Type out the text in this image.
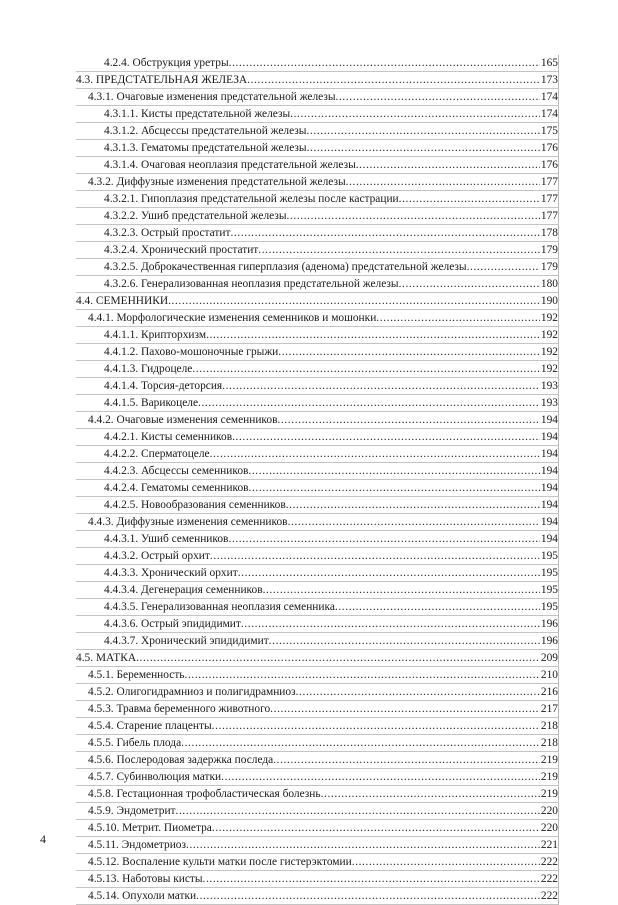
4.2.4. Обструкция уретры .....	165
4.3. ПРЕДСТАТЕЛЬНАЯ ЖЕЛЕЗА .....	173
4.3.1. Очаговые изменения предстательной железы .....	174
4.3.1.1. Кисты предстательной железы .....	174
4.3.1.2. Абсцессы предстательной железы .....	175
4.3.1.3. Гематомы предстательной железы .....	176
4.3.1.4. Очаговая неоплазия предстательной железы .....	176
4.3.2. Диффузные изменения предстательной железы .....	177
4.3.2.1. Гипоплазия предстательной железы после кастрации .....	177
4.3.2.2. Ушиб предстательной железы .....	177
4.3.2.3. Острый простатит .....	178
4.3.2.4. Хронический простатит .....	179
4.3.2.5. Доброкачественная гиперплазия (аденома) предстательной железы .....	179
4.3.2.6. Генерализованная неоплазия предстательной железы .....	180
4.4. СЕМЕННИКИ .....	190
4.4.1. Морфологические изменения семенников и мошонки .....	192
4.4.1.1. Крипторхизм .....	192
4.4.1.2. Пахово-мошоночные грыжи .....	192
4.4.1.3. Гидроцеле .....	192
4.4.1.4. Торсия-деторсия .....	193
4.4.1.5. Варикоцеле .....	193
4.4.2. Очаговые изменения семенников .....	194
4.4.2.1. Кисты семенников .....	194
4.4.2.2. Сперматоцеле .....	194
4.4.2.3. Абсцессы семенников .....	194
4.4.2.4. Гематомы семенников .....	194
4.4.2.5. Новообразования семенников .....	194
4.4.3. Диффузные изменения семенников .....	194
4.4.3.1. Ушиб семенников .....	194
4.4.3.2. Острый орхит .....	195
4.4.3.3. Хронический орхит .....	195
4.4.3.4. Дегенерация семенников .....	195
4.4.3.5. Генерализованная неоплазия семенника .....	195
4.4.3.6. Острый эпидидимит .....	196
4.4.3.7. Хронический эпидидимит .....	196
4.5. МАТКА .....	209
4.5.1. Беременность .....	210
4.5.2. Олигогидрамниоз и полигидрамниоз .....	216
4.5.3. Травма беременного животного .....	217
4.5.4. Старение плаценты .....	218
4.5.5. Гибель плода .....	218
4.5.6. Послеродовая задержка последа .....	219
4.5.7. Субинволюция матки .....	219
4.5.8. Гестационная трофобластическая болезнь .....	219
4.5.9. Эндометрит .....	220
4.5.10. Метрит. Пиометра .....	220
4.5.11. Эндометриоз .....	221
4.5.12. Воспаление культи матки после гистерэктомии .....	222
4.5.13. Наботовы кисты .....	222
4.5.14. Опухоли матки .....	222
4
